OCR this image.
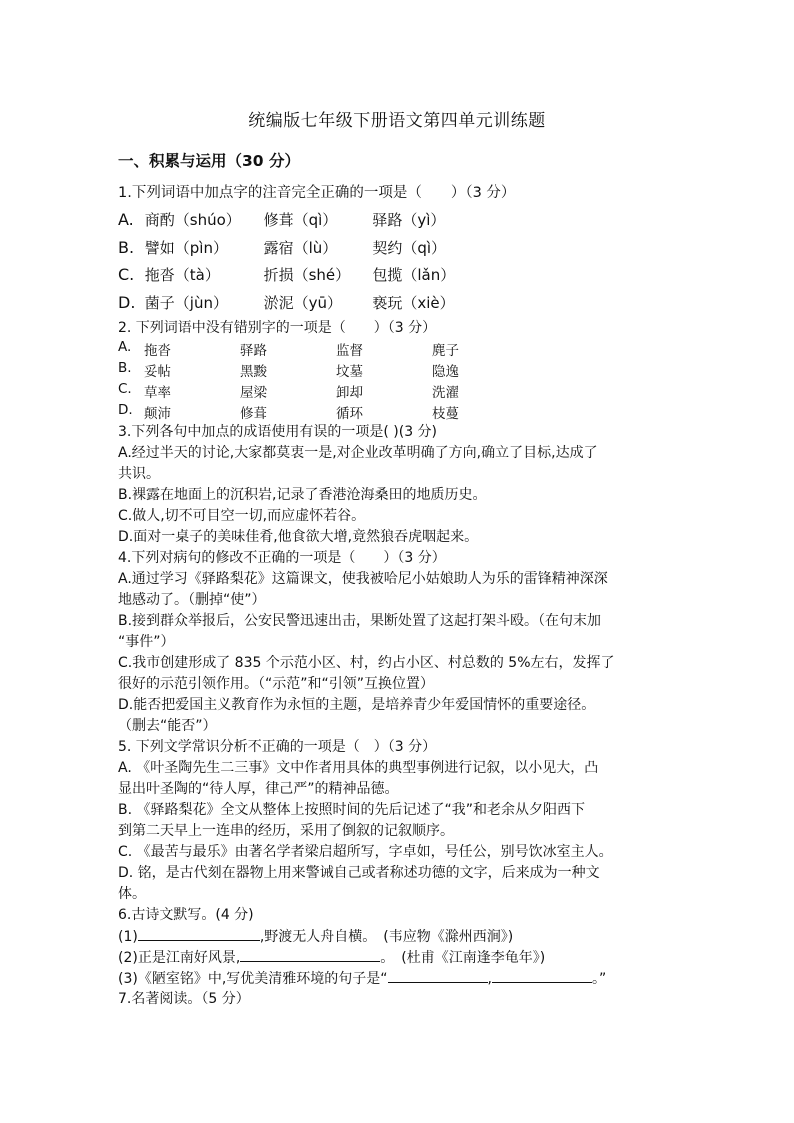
统编版七年级下册语文第四单元训练题
一、积累与运用（30 分）
1.下列词语中加点字的注音完全正确的一项是（　　）（3 分）
A. 商酌（shúo） 修葺（qì） 驿路（yì）
B. 譬如（pìn） 露宿（lù） 契约（qì）
C. 拖沓（tà）	折损（shé） 包揽（lǎn）
D. 菌子（jùn） 淤泥（yū） 亵玩（xiè）
2. 下列词语中没有错别字的一项是（　　）（3 分）
A. 拖沓	驿路	监督	麂子
B. 妥帖	黑黢	坟墓	隐逸
C. 草率	屋梁	卸却	洗濯
D. 颠沛	修葺	循环	枝蔓
3.下列各句中加点的成语使用有误的一项是( )(3 分)
A.经过半天的讨论,大家都莫衷一是,对企业改革明确了方向,确立了目标,达成了
共识。
B.裸露在地面上的沉积岩,记录了香港沧海桑田的地质历史。
C.做人,切不可目空一切,而应虚怀若谷。
D.面对一桌子的美味佳肴,他食欲大增,竟然狼吞虎咽起来。
4.下列对病句的修改不正确的一项是（　　）（3 分）
A.通过学习《驿路梨花》这篇课文，使我被哈尼小姑娘助人为乐的雷锋精神深深
地感动了。（删掉“使”）
B.接到群众举报后，公安民警迅速出击，果断处置了这起打架斗殴。（在句末加
“事件”）
C.我市创建形成了 835 个示范小区、村，约占小区、村总数的 5%左右，发挥了
很好的示范引领作用。（“示范”和“引领”互换位置）
D.能否把爱国主义教育作为永恒的主题，是培养青少年爱国情怀的重要途径。
（删去“能否”）
5. 下列文学常识分析不正确的一项是（　）（3 分）
A. 《叶圣陶先生二三事》文中作者用具体的典型事例进行记叙，以小见大，凸
显出叶圣陶的“待人厚，律己严”的精神品德。
B. 《驿路梨花》全文从整体上按照时间的先后记述了“我”和老余从夕阳西下
到第二天早上一连串的经历，采用了倒叙的记叙顺序。
C. 《最苦与最乐》由著名学者梁启超所写，字卓如，号任公，别号饮冰室主人。
D. 铭，是古代刻在器物上用来警诫自己或者称述功德的文字，后来成为一种文
体。
6.古诗文默写。(4 分)
(1)	,野渡无人舟自横。　(韦应物《滁州西涧》)
(2)正是江南好风景,	。　(杜甫《江南逢李龟年》)
(3)《陋室铭》中,写优美清雅环境的句子是“	,	。”
7.名著阅读。（5 分）
